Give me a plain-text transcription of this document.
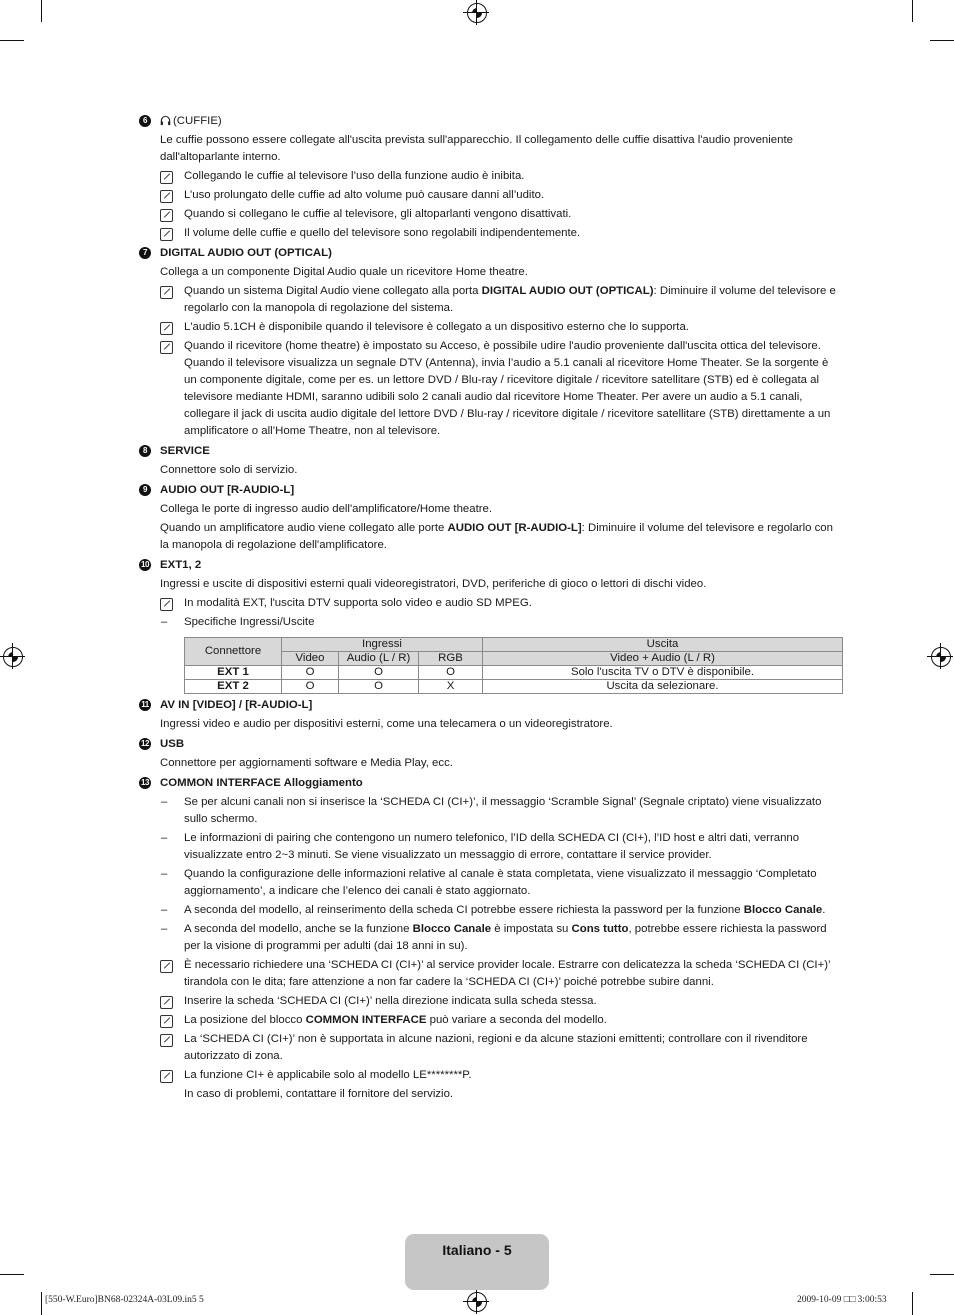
6	(CUFFIE)
Le cuffie possono essere collegate all'uscita prevista sull'apparecchio. Il collegamento delle cuffie disattiva l'audio proveniente dall'altoparlante interno.
Collegando le cuffie al televisore l’uso della funzione audio è inibita.
L’uso prolungato delle cuffie ad alto volume può causare danni all’udito.
Quando si collegano le cuffie al televisore, gli altoparlanti vengono disattivati.
Il volume delle cuffie e quello del televisore sono regolabili indipendentemente.
7	DIGITAL AUDIO OUT (OPTICAL)
Collega a un componente Digital Audio quale un ricevitore Home theatre.
Quando un sistema Digital Audio viene collegato alla porta DIGITAL AUDIO OUT (OPTICAL): Diminuire il volume del televisore e regolarlo con la manopola di regolazione del sistema.
L'audio 5.1CH è disponibile quando il televisore è collegato a un dispositivo esterno che lo supporta.
Quando il ricevitore (home theatre) è impostato su Acceso, è possibile udire l'audio proveniente dall'uscita ottica del televisore. Quando il televisore visualizza un segnale DTV (Antenna), invia l’audio a 5.1 canali al ricevitore Home Theater. Se la sorgente è un componente digitale, come per es. un lettore DVD / Blu-ray / ricevitore digitale / ricevitore satellitare (STB) ed è collegata al televisore mediante HDMI, saranno udibili solo 2 canali audio dal ricevitore Home Theater. Per avere un audio a 5.1 canali, collegare il jack di uscita audio digitale del lettore DVD / Blu-ray / ricevitore digitale / ricevitore satellitare (STB) direttamente a un amplificatore o all’Home Theatre, non al televisore.
8	SERVICE
Connettore solo di servizio.
9	AUDIO OUT [R-AUDIO-L]
Collega le porte di ingresso audio dell'amplificatore/Home theatre.
Quando un amplificatore audio viene collegato alle porte AUDIO OUT [R-AUDIO-L]: Diminuire il volume del televisore e regolarlo con la manopola di regolazione dell'amplificatore.
10 EXT1, 2
Ingressi e uscite di dispositivi esterni quali videoregistratori, DVD, periferiche di gioco o lettori di dischi video.
In modalità EXT, l'uscita DTV supporta solo video e audio SD MPEG.
– Specifiche Ingressi/Uscite
Connettore	Ingressi			Uscita
	Video	Audio (L / R)	RGB	Video + Audio (L / R)
EXT 1	O	O	O	Solo l'uscita TV o DTV è disponibile.
EXT 2	O	O	X	Uscita da selezionare.
11 AV IN [VIDEO] / [R-AUDIO-L]
Ingressi video e audio per dispositivi esterni, come una telecamera o un videoregistratore.
12 USB
Connettore per aggiornamenti software e Media Play, ecc.
13 COMMON INTERFACE Alloggiamento
– Se per alcuni canali non si inserisce la ‘SCHEDA CI (CI+)’, il messaggio ‘Scramble Signal’ (Segnale criptato) viene visualizzato sullo schermo.
– Le informazioni di pairing che contengono un numero telefonico, l’ID della SCHEDA CI (CI+), l’ID host e altri dati, verranno visualizzate entro 2~3 minuti. Se viene visualizzato un messaggio di errore, contattare il service provider.
– Quando la configurazione delle informazioni relative al canale è stata completata, viene visualizzato il messaggio ‘Completato aggiornamento’, a indicare che l’elenco dei canali è stato aggiornato.
– A seconda del modello, al reinserimento della scheda CI potrebbe essere richiesta la password per la funzione Blocco Canale.
– A seconda del modello, anche se la funzione Blocco Canale è impostata su Cons tutto, potrebbe essere richiesta la password per la visione di programmi per adulti (dai 18 anni in su).
È necessario richiedere una ‘SCHEDA CI (CI+)’ al service provider locale. Estrarre con delicatezza la scheda ‘SCHEDA CI (CI+)’ tirandola con le dita; fare attenzione a non far cadere la ‘SCHEDA CI (CI+)’ poiché potrebbe subire danni.
Inserire la scheda ‘SCHEDA CI (CI+)’ nella direzione indicata sulla scheda stessa.
La posizione del blocco COMMON INTERFACE può variare a seconda del modello.
La ‘SCHEDA CI (CI+)’ non è supportata in alcune nazioni, regioni e da alcune stazioni emittenti; controllare con il rivenditore autorizzato di zona.
La funzione CI+ è applicabile solo al modello LE********P.
In caso di problemi, contattare il fornitore del servizio.
Italiano - 5
[550-W.Euro]BN68-02324A-03L09.in5 5	2009-10-09 □□ 3:00:53
